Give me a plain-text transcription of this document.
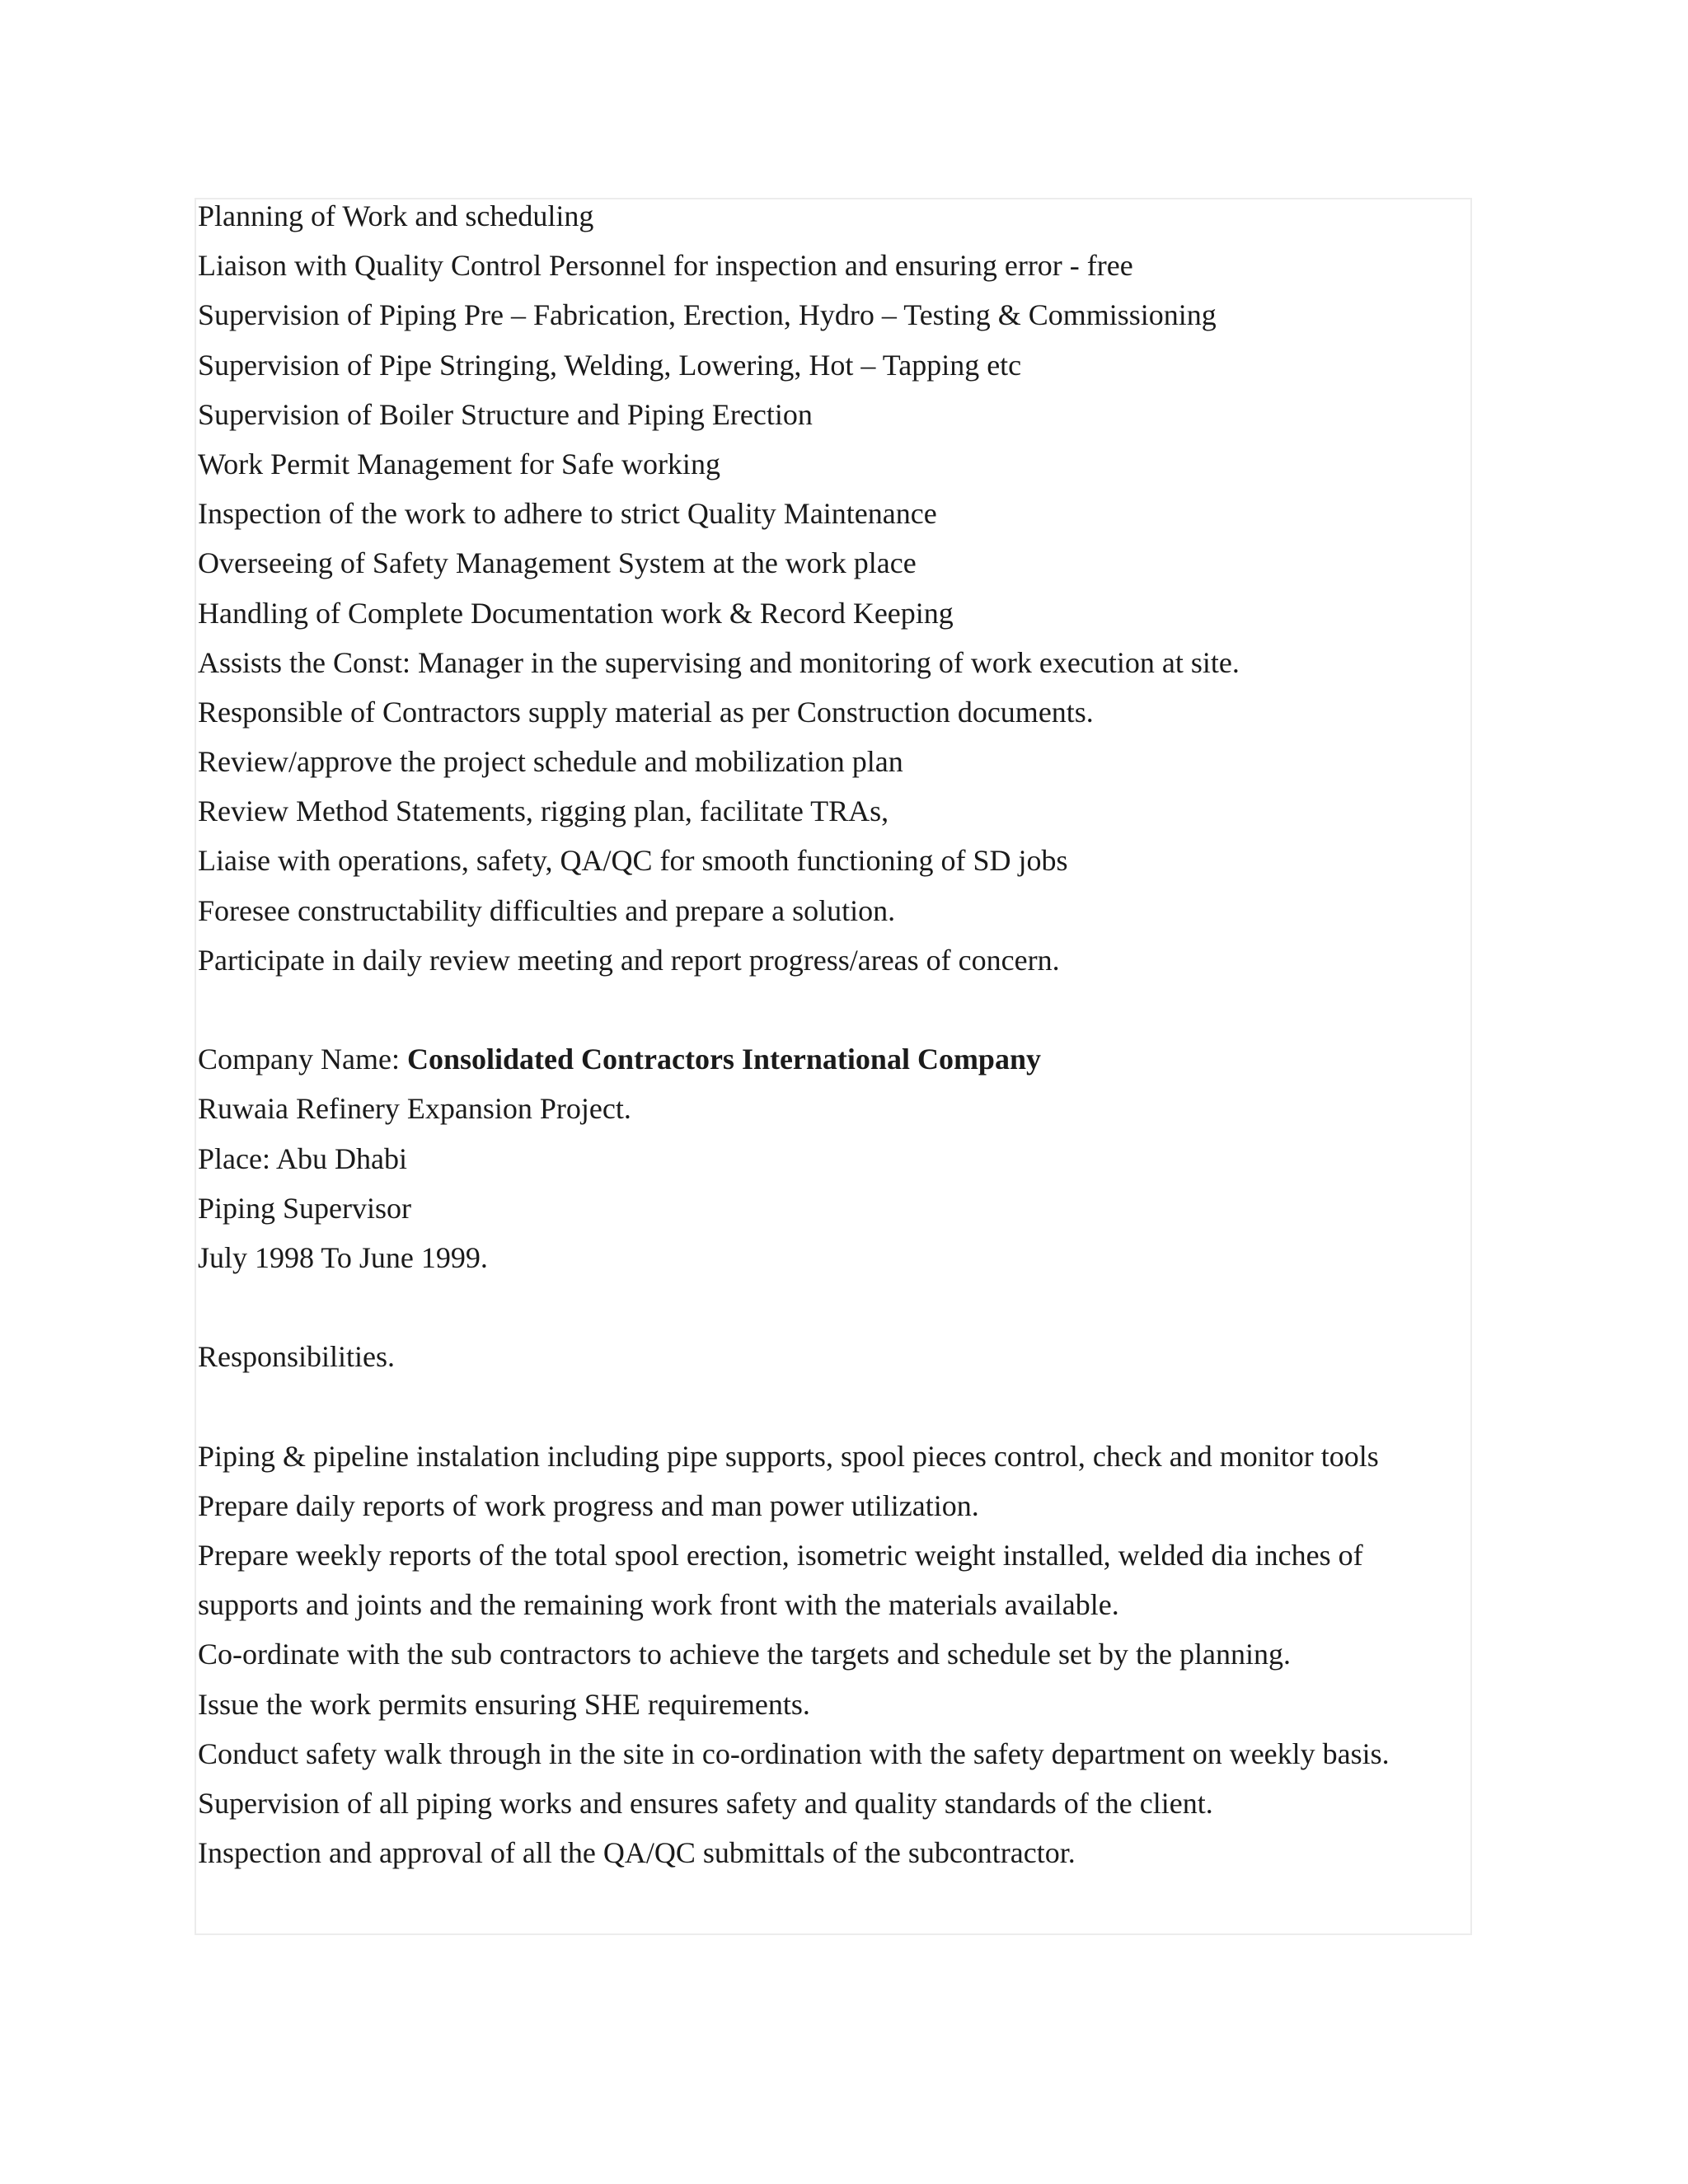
Planning of Work and scheduling

Liaison with Quality Control Personnel for inspection and ensuring error - free

Supervision of Piping Pre – Fabrication, Erection, Hydro – Testing & Commissioning

Supervision of Pipe Stringing, Welding, Lowering, Hot – Tapping etc

Supervision of Boiler Structure and Piping Erection

Work Permit Management for Safe working

Inspection of the work to adhere to strict Quality Maintenance

Overseeing of Safety Management System at the work place

Handling of Complete Documentation work & Record Keeping

Assists the Const: Manager in the supervising and monitoring of work execution at site.

Responsible of Contractors supply material as per Construction documents.

Review/approve the project schedule and mobilization plan

Review Method Statements, rigging plan, facilitate TRAs,

Liaise with operations, safety, QA/QC for smooth functioning of SD jobs

Foresee constructability difficulties and prepare a solution.

Participate in daily review meeting and report progress/areas of concern.

Company Name: Consolidated Contractors International Company

Ruwaia Refinery Expansion Project.

Place: Abu Dhabi

Piping Supervisor

July 1998 To June 1999.

Responsibilities.

Piping & pipeline instalation including pipe supports, spool pieces control, check and monitor tools

Prepare daily reports of work progress and man power utilization.

Prepare weekly reports of the total spool erection, isometric weight installed, welded dia inches of

supports and joints and the remaining work front with the materials available.

Co-ordinate with the sub contractors to achieve the targets and schedule set by the planning.

Issue the work permits ensuring SHE requirements.

Conduct safety walk through in the site in co-ordination with the safety department on weekly basis.

Supervision of all piping works and ensures safety and quality standards of the client.

Inspection and approval of all the QA/QC submittals of the subcontractor.
